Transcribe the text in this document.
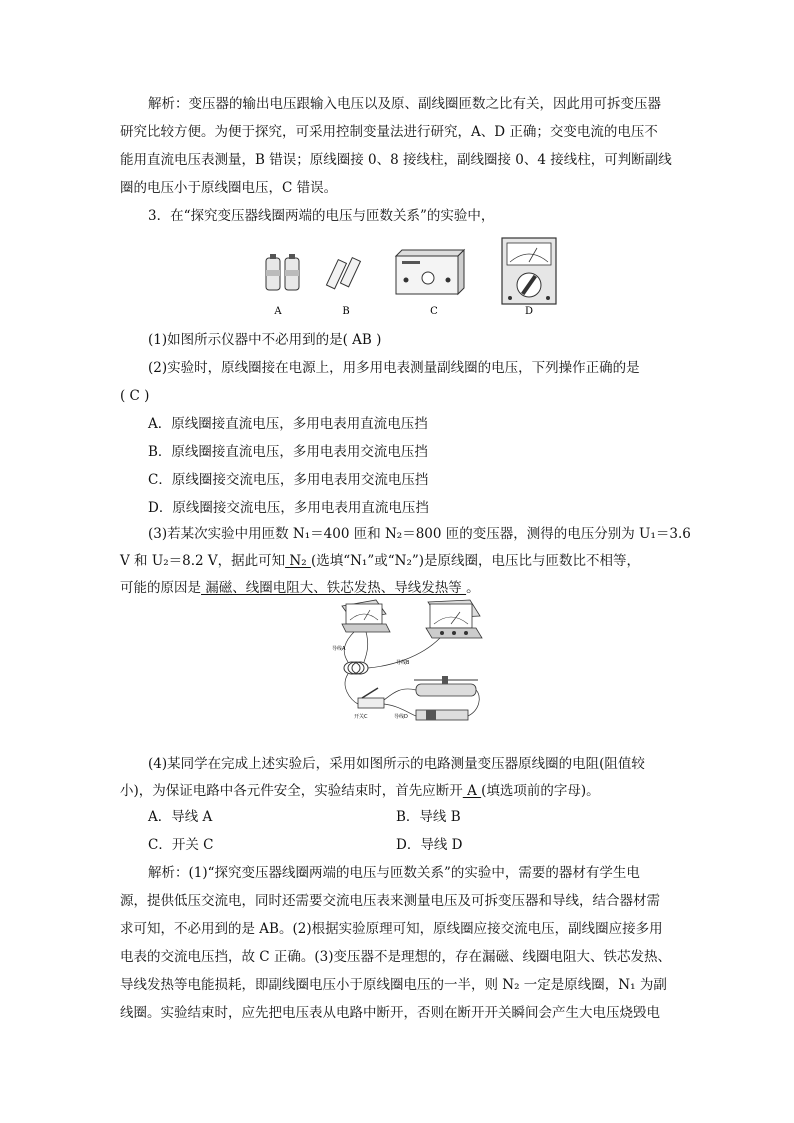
解析：变压器的输出电压跟输入电压以及原、副线圈匝数之比有关，因此用可拆变压器
研究比较方便。为便于探究，可采用控制变量法进行研究，A、D 正确；交变电流的电压不
能用直流电压表测量，B 错误；原线圈接 0、8 接线柱，副线圈接 0、4 接线柱，可判断副线
圈的电压小于原线圈电压，C 错误。
3．在“探究变压器线圈两端的电压与匝数关系”的实验中，
A	B	C	D
(1)如图所示仪器中不必用到的是( AB )
(2)实验时，原线圈接在电源上，用多用电表测量副线圈的电压，下列操作正确的是
( C )
A．原线圈接直流电压，多用电表用直流电压挡
B．原线圈接直流电压，多用电表用交流电压挡
C．原线圈接交流电压，多用电表用交流电压挡
D．原线圈接交流电压，多用电表用直流电压挡
(3)若某次实验中用匝数 N₁＝400 匝和 N₂＝800 匝的变压器，测得的电压分别为 U₁＝3.6
V 和 U₂＝8.2 V，据此可知 N₂ (选填“N₁”或“N₂”)是原线圈，电压比与匝数比不相等，
可能的原因是 漏磁、线圈电阻大、铁芯发热、导线发热等 。
导线A
导线B
开关C	导线D
(4)某同学在完成上述实验后，采用如图所示的电路测量变压器原线圈的电阻(阻值较
小)，为保证电路中各元件安全，实验结束时，首先应断开 A (填选项前的字母)。
A．导线 A	B．导线 B
C．开关 C	D．导线 D
解析：(1)“探究变压器线圈两端的电压与匝数关系”的实验中，需要的器材有学生电
源，提供低压交流电，同时还需要交流电压表来测量电压及可拆变压器和导线，结合器材需
求可知，不必用到的是 AB。(2)根据实验原理可知，原线圈应接交流电压，副线圈应接多用
电表的交流电压挡，故 C 正确。(3)变压器不是理想的，存在漏磁、线圈电阻大、铁芯发热、
导线发热等电能损耗，即副线圈电压小于原线圈电压的一半，则 N₂ 一定是原线圈，N₁ 为副
线圈。实验结束时，应先把电压表从电路中断开，否则在断开开关瞬间会产生大电压烧毁电
